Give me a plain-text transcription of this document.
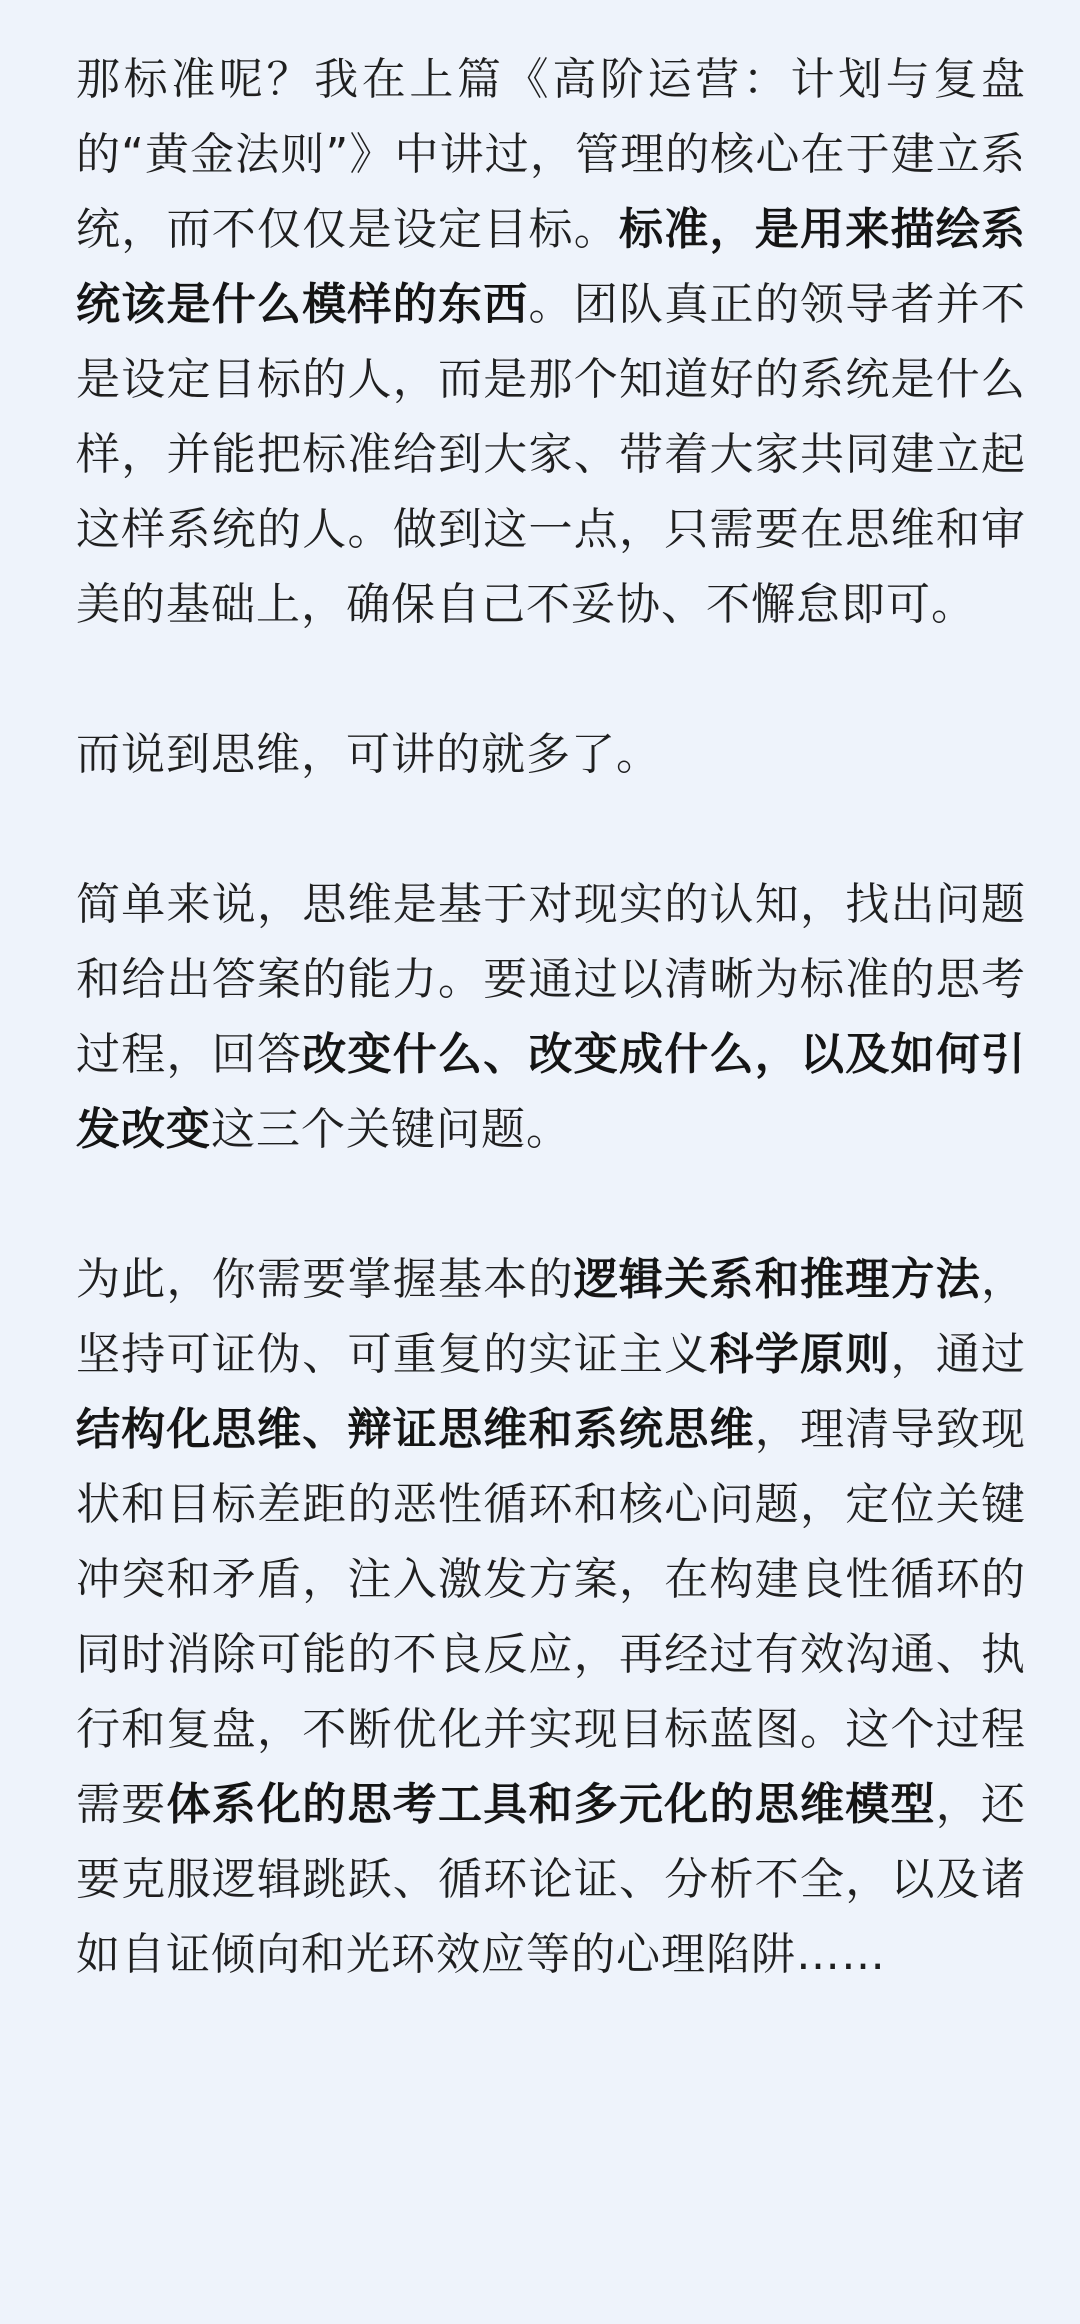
那标准呢？我在上篇《高阶运营：计划与复盘的“黄金法则”》中讲过，管理的核心在于建立系统，而不仅仅是设定目标。标准，是用来描绘系统该是什么模样的东西。团队真正的领导者并不是设定目标的人，而是那个知道好的系统是什么样，并能把标准给到大家、带着大家共同建立起这样系统的人。做到这一点，只需要在思维和审美的基础上，确保自己不妥协、不懈怠即可。

而说到思维，可讲的就多了。

简单来说，思维是基于对现实的认知，找出问题和给出答案的能力。要通过以清晰为标准的思考过程，回答改变什么、改变成什么，以及如何引发改变这三个关键问题。

为此，你需要掌握基本的逻辑关系和推理方法，坚持可证伪、可重复的实证主义科学原则，通过结构化思维、辩证思维和系统思维，理清导致现状和目标差距的恶性循环和核心问题，定位关键冲突和矛盾，注入激发方案，在构建良性循环的同时消除可能的不良反应，再经过有效沟通、执行和复盘，不断优化并实现目标蓝图。这个过程需要体系化的思考工具和多元化的思维模型，还要克服逻辑跳跃、循环论证、分析不全，以及诸如自证倾向和光环效应等的心理陷阱……
